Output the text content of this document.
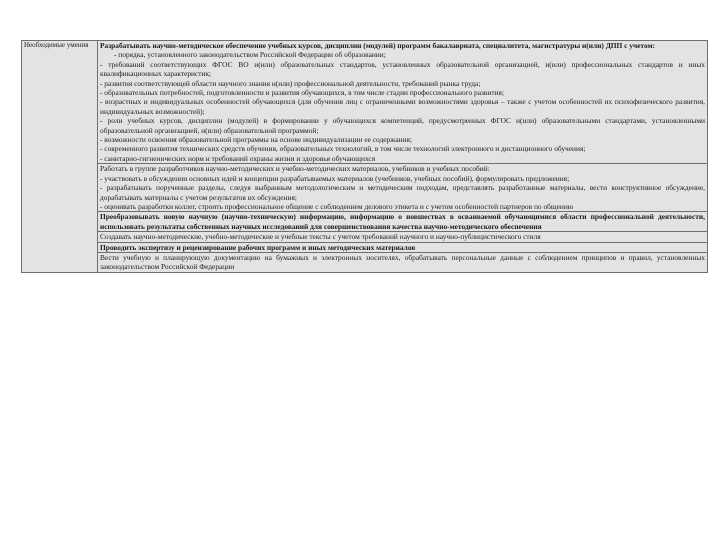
Необходимые умения	Разрабатывать научно-методическое обеспечение учебных курсов, дисциплин (модулей) программ бакалавриата, специалитета, магистратуры и(или) ДПП с учетом:
- порядка, установленного законодательством Российской Федерации об образовании;
- требований соответствующих ФГОС ВО и(или) образовательных стандартов, установленных образовательной организацией, и(или) профессиональных стандартов и иных квалификационных характеристик;
- развития соответствующей области научного знания и(или) профессиональной деятельности, требований рынка труда;
- образовательных потребностей, подготовленности и развития обучающихся, в том числе стадии профессионального развития;
- возрастных и индивидуальных особенностей обучающихся (для обучения лиц с ограниченными возможностями здоровья – также с учетом особенностей их психофизического развития, индивидуальных возможностей);
- роли учебных курсов, дисциплин (модулей) в формировании у обучающихся компетенций, предусмотренных ФГОС и(или) образовательными стандартами, установленными образовательной организацией, и(или) образовательной программой;
- возможности освоения образовательной программы на основе индивидуализации ее содержания;
- современного развития технических средств обучения, образовательных технологий, в том числе технологий электронного и дистанционного обучения;
- санитарно-гигиенических норм и требований охраны жизни и здоровья обучающихся

Работать в группе разработчиков научно-методических и учебно-методических материалов, учебников и учебных пособий:
- участвовать в обсуждении основных идей и концепции разрабатываемых материалов (учебников, учебных пособий), формулировать предложения;
- разрабатывать порученные разделы, следуя выбранным методологическим и методическим подходам, представлять разработанные материалы, вести конструктивное обсуждение, дорабатывать материалы с учетом результатов их обсуждения;
- оценивать разработки коллег, строить профессиональное общение с соблюдением делового этикета и с учетом особенностей партнеров по общению

Преобразовывать новую научную (научно-техническую) информацию, информацию о новшествах в осваиваемой обучающимися области профессиональной деятельности, использовать результаты собственных научных исследований для совершенствования качества научно-методического обеспечения

Создавать научно-методические, учебно-методические и учебные тексты с учетом требований научного и научно-публицистического стиля

Проводить экспертизу и рецензирование рабочих программ и иных методических материалов

Вести учебную и планирующую документацию на бумажных и электронных носителях, обрабатывать персональные данные с соблюдением принципов и правил, установленных законодательством Российской Федерации
